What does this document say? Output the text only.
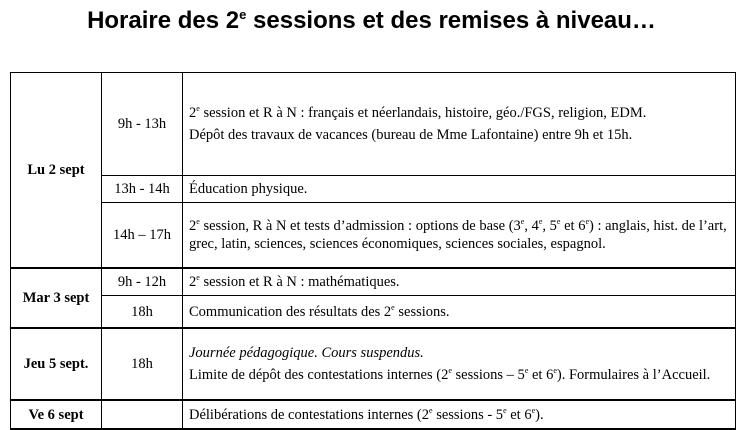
Horaire des 2e sessions et des remises à niveau…
Lu 2 sept	9h - 13h	2e session et R à N : français et néerlandais, histoire, géo./FGS, religion, EDM.

Dépôt des travaux de vacances (bureau de Mme Lafontaine) entre 9h et 15h.

	13h - 14h	Éducation physique.
	14h – 17h	2e session, R à N et tests d’admission : options de base (3e, 4e, 5e et 6e) : anglais, hist. de l’art, grec, latin, sciences, sciences économiques, sciences sociales, espagnol.
Mar 3 sept	9h - 12h	2e session et R à N : mathématiques.
	18h	Communication des résultats des 2e sessions.
Jeu 5 sept.	18h	Journée pédagogique. Cours suspendus.

Limite de dépôt des contestations internes (2e sessions – 5e et 6e). Formulaires à l’Accueil.

Ve 6 sept		Délibérations de contestations internes (2e sessions - 5e et 6e).
